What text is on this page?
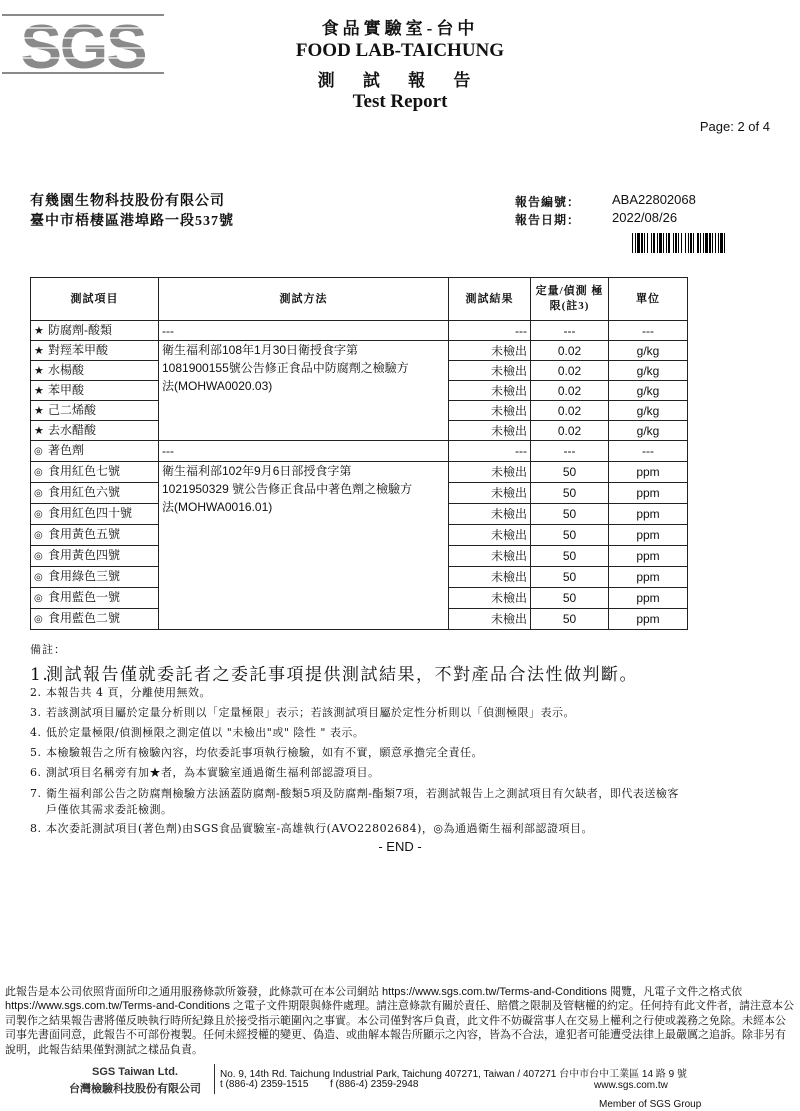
SGS	食品實驗室-台中
FOOD LAB-TAICHUNG
測 試 報 告
Test Report
Page: 2 of 4
有幾園生物科技股份有限公司
臺中市梧棲區港埠路一段537號
報告編號： ABA22802068
報告日期： 2022/08/26
測試項目	測試方法	測試結果	定量/偵測 極限(註3)	單位
★ 防腐劑-酸類	---	---	---	---
★ 對羥苯甲酸	衛生福利部108年1月30日衛授食字第
1081900155號公告修正食品中防腐劑之檢驗方
法(MOHWA0020.03)	未檢出	0.02	g/kg
★ 水楊酸		未檢出	0.02	g/kg
★ 苯甲酸		未檢出	0.02	g/kg
★ 己二烯酸		未檢出	0.02	g/kg
★ 去水醋酸		未檢出	0.02	g/kg
◎ 著色劑	---	---	---	---
◎ 食用紅色七號	衛生福利部102年9月6日部授食字第
1021950329 號公告修正食品中著色劑之檢驗方
法(MOHWA0016.01)	未檢出	50	ppm
◎ 食用紅色六號		未檢出	50	ppm
◎ 食用紅色四十號		未檢出	50	ppm
◎ 食用黃色五號		未檢出	50	ppm
◎ 食用黃色四號		未檢出	50	ppm
◎ 食用綠色三號		未檢出	50	ppm
◎ 食用藍色一號		未檢出	50	ppm
◎ 食用藍色二號		未檢出	50	ppm
備註：
1.測試報告僅就委託者之委託事項提供測試結果，不對產品合法性做判斷。
2. 本報告共 4 頁，分離使用無效。
3. 若該測試項目屬於定量分析則以「定量極限」表示；若該測試項目屬於定性分析則以「偵測極限」表示。
4. 低於定量極限/偵測極限之測定值以 "未檢出"或" 陰性 " 表示。
5. 本檢驗報告之所有檢驗內容，均依委託事項執行檢驗，如有不實，願意承擔完全責任。
6. 測試項目名稱旁有加★者，為本實驗室通過衛生福利部認證項目。
7. 衛生福利部公告之防腐劑檢驗方法涵蓋防腐劑-酸類5項及防腐劑-酯類7項，若測試報告上之測試項目有欠缺者，即代表送檢客
戶僅依其需求委託檢測。
8. 本次委託測試項目(著色劑)由SGS食品實驗室-高雄執行(AVO22802684)，◎為通過衛生福利部認證項目。
- END -
此報告是本公司依照背面所印之通用服務條款所簽發，此條款可在本公司網站 https://www.sgs.com.tw/Terms-and-Conditions 閱覽，凡電子文件之格式依https://www.sgs.com.tw/Terms-and-Conditions 之電子文件期限與條件處理。請注意條款有關於責任、賠償之限制及管轄權的約定。任何持有此文件者，請注意本公司製作之結果報告書將僅反映執行時所紀錄且於接受指示範圍內之事實。本公司僅對客戶負責，此文件不妨礙當事人在交易上權利之行使或義務之免除。未經本公司事先書面同意，此報告不可部份複製。任何未經授權的變更、偽造、或曲解本報告所顯示之內容，皆為不合法，違犯者可能遭受法律上最嚴厲之追訴。除非另有說明，此報告結果僅對測試之樣品負責。
SGS Taiwan Ltd.
台灣檢驗科技股份有限公司
No. 9, 14th Rd. Taichung Industrial Park, Taichung 407271, Taiwan / 407271 台中市台中工業區 14 路 9 號
t (886-4) 2359-1515 f (886-4) 2359-2948	www.sgs.com.tw
Member of SGS Group
